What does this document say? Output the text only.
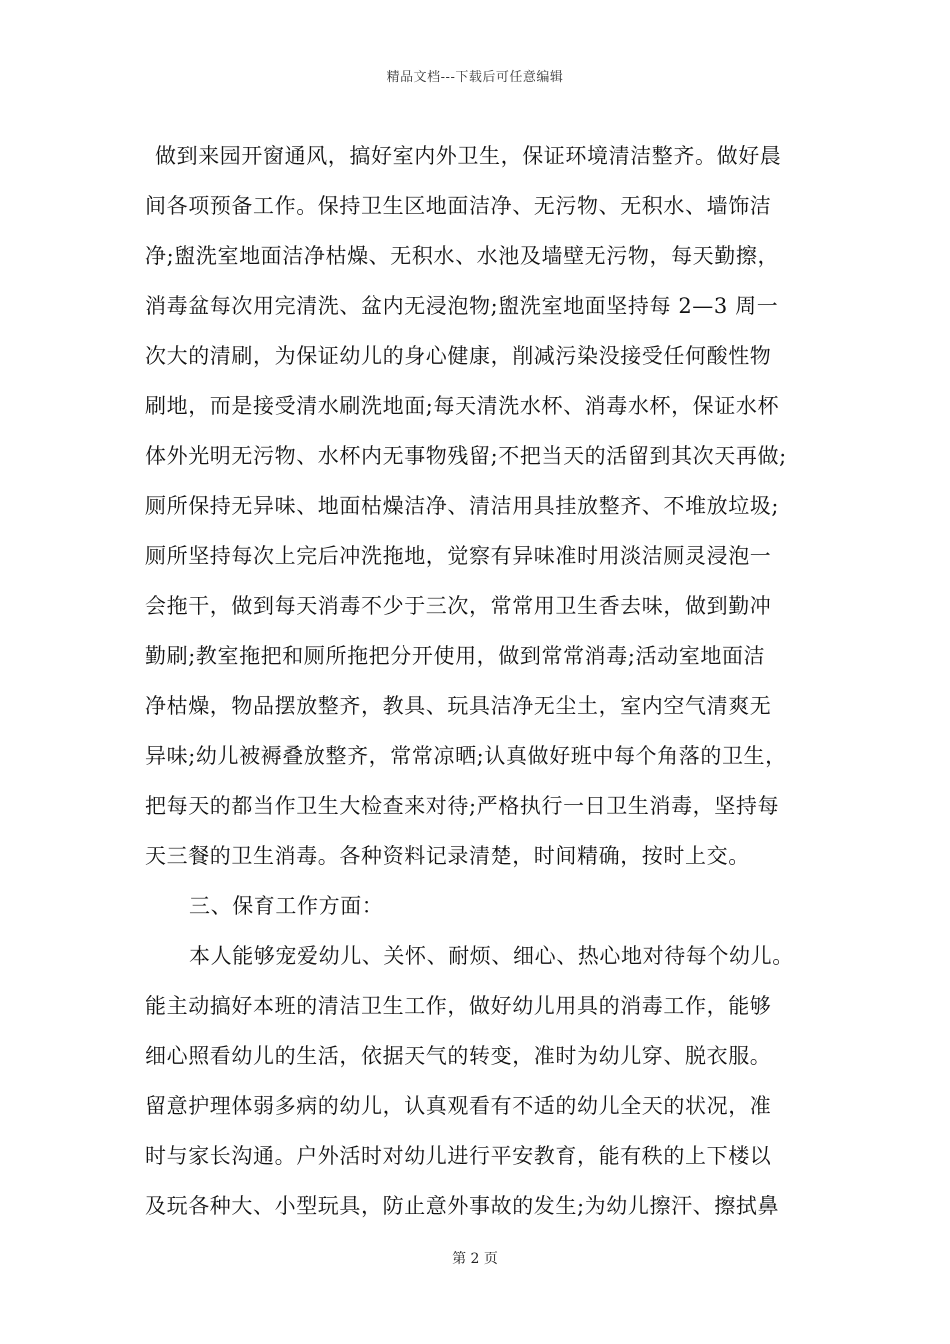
精品文档---下载后可任意编辑
做到来园开窗通风，搞好室内外卫生，保证环境清洁整齐。做好晨
间各项预备工作。保持卫生区地面洁净、无污物、无积水、墙饰洁
净;盥洗室地面洁净枯燥、无积水、水池及墙壁无污物，每天勤擦，
消毒盆每次用完清洗、盆内无浸泡物;盥洗室地面坚持每 2—3 周一
次大的清刷，为保证幼儿的身心健康，削减污染没接受任何酸性物
刷地，而是接受清水刷洗地面;每天清洗水杯、消毒水杯，保证水杯
体外光明无污物、水杯内无事物残留;不把当天的活留到其次天再做;
厕所保持无异味、地面枯燥洁净、清洁用具挂放整齐、不堆放垃圾;
厕所坚持每次上完后冲洗拖地，觉察有异味准时用淡洁厕灵浸泡一
会拖干，做到每天消毒不少于三次，常常用卫生香去味，做到勤冲
勤刷;教室拖把和厕所拖把分开使用，做到常常消毒;活动室地面洁
净枯燥，物品摆放整齐，教具、玩具洁净无尘土，室内空气清爽无
异味;幼儿被褥叠放整齐，常常凉晒;认真做好班中每个角落的卫生，
把每天的都当作卫生大检查来对待;严格执行一日卫生消毒，坚持每
天三餐的卫生消毒。各种资料记录清楚，时间精确，按时上交。
三、保育工作方面：
本人能够宠爱幼儿、关怀、耐烦、细心、热心地对待每个幼儿。
能主动搞好本班的清洁卫生工作，做好幼儿用具的消毒工作，能够
细心照看幼儿的生活，依据天气的转变，准时为幼儿穿、脱衣服。
留意护理体弱多病的幼儿，认真观看有不适的幼儿全天的状况，准
时与家长沟通。户外活时对幼儿进行平安教育，能有秩的上下楼以
及玩各种大、小型玩具，防止意外事故的发生;为幼儿擦汗、擦拭鼻
第 2 页
